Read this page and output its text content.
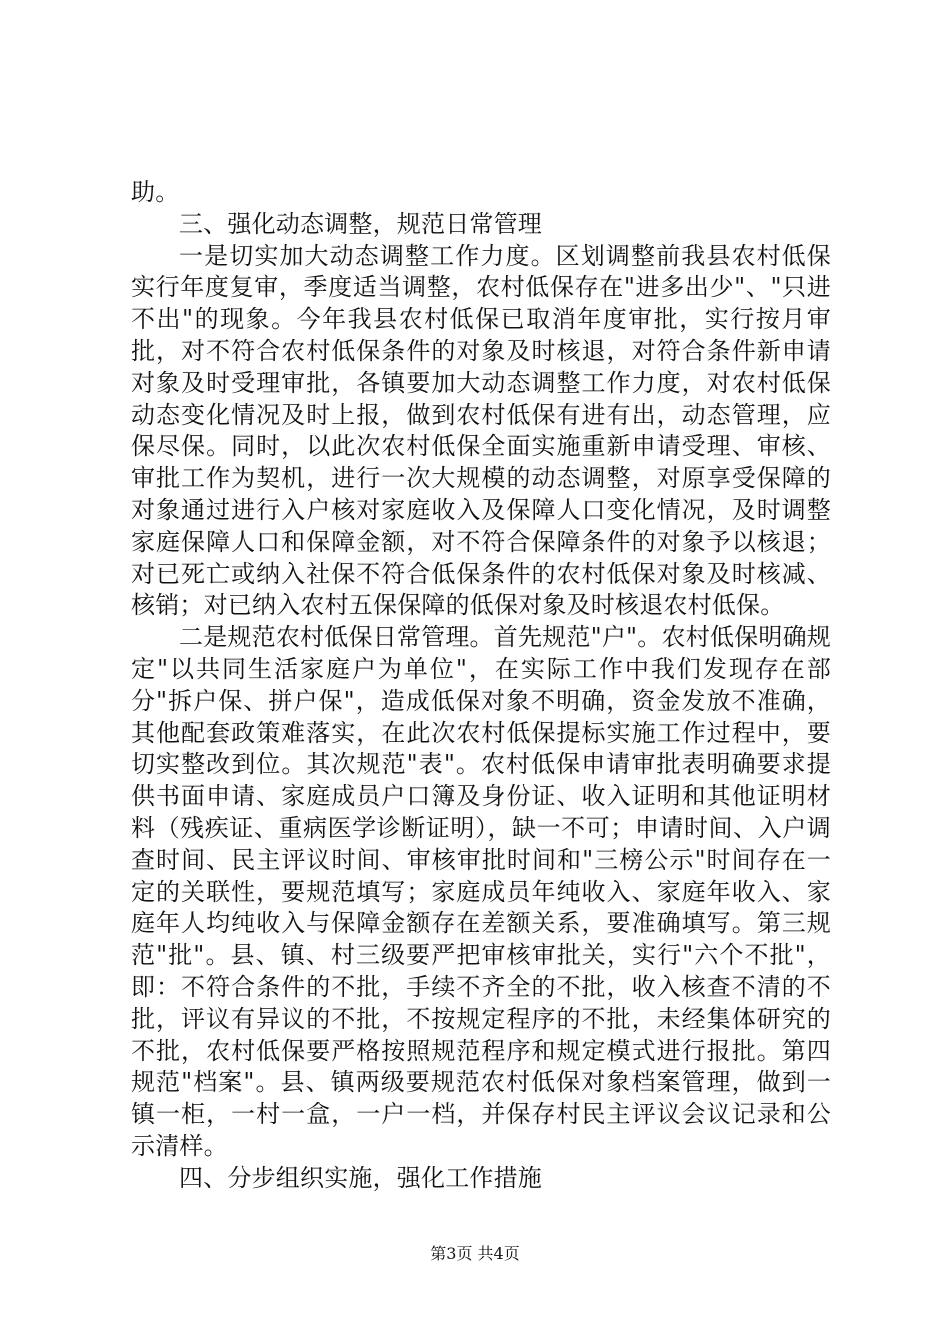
助。

三、强化动态调整，规范日常管理

一是切实加大动态调整工作力度。区划调整前我县农村低保实行年度复审，季度适当调整，农村低保存在"进多出少"、"只进不出"的现象。今年我县农村低保已取消年度审批，实行按月审批，对不符合农村低保条件的对象及时核退，对符合条件新申请对象及时受理审批，各镇要加大动态调整工作力度，对农村低保动态变化情况及时上报，做到农村低保有进有出，动态管理，应保尽保。同时，以此次农村低保全面实施重新申请受理、审核、审批工作为契机，进行一次大规模的动态调整，对原享受保障的对象通过进行入户核对家庭收入及保障人口变化情况，及时调整家庭保障人口和保障金额，对不符合保障条件的对象予以核退；对已死亡或纳入社保不符合低保条件的农村低保对象及时核减、核销；对已纳入农村五保保障的低保对象及时核退农村低保。

二是规范农村低保日常管理。首先规范"户"。农村低保明确规定"以共同生活家庭户为单位"，在实际工作中我们发现存在部分"拆户保、拼户保"，造成低保对象不明确，资金发放不准确，其他配套政策难落实，在此次农村低保提标实施工作过程中，要切实整改到位。其次规范"表"。农村低保申请审批表明确要求提供书面申请、家庭成员户口簿及身份证、收入证明和其他证明材料（残疾证、重病医学诊断证明），缺一不可；申请时间、入户调查时间、民主评议时间、审核审批时间和"三榜公示"时间存在一定的关联性，要规范填写；家庭成员年纯收入、家庭年收入、家庭年人均纯收入与保障金额存在差额关系，要准确填写。第三规范"批"。县、镇、村三级要严把审核审批关，实行"六个不批"，即：不符合条件的不批，手续不齐全的不批，收入核查不清的不批，评议有异议的不批，不按规定程序的不批，未经集体研究的不批，农村低保要严格按照规范程序和规定模式进行报批。第四规范"档案"。县、镇两级要规范农村低保对象档案管理，做到一镇一柜，一村一盒，一户一档，并保存村民主评议会议记录和公示清样。

四、分步组织实施，强化工作措施

第3页 共4页
